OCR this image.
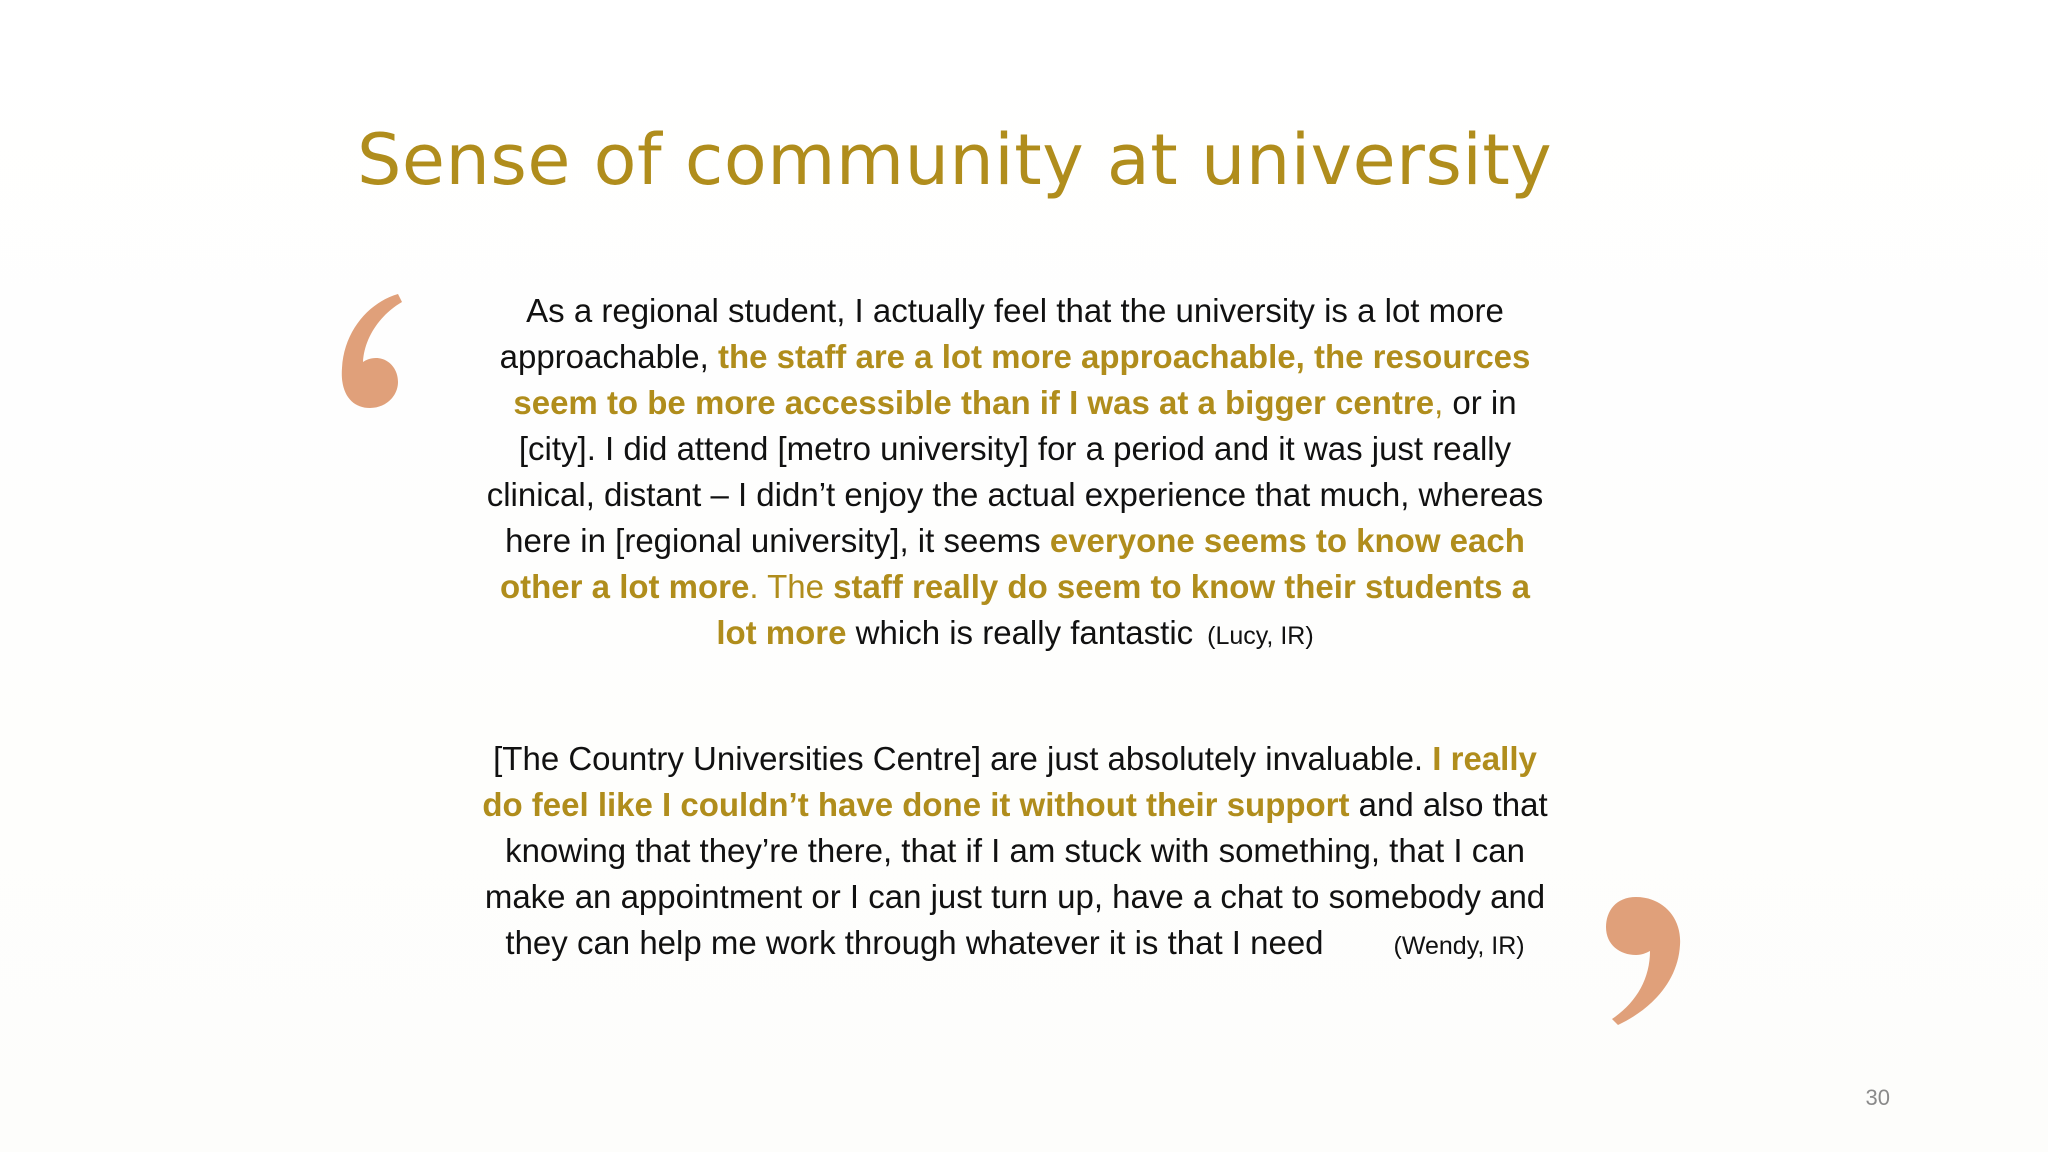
Sense of community at university
As a regional student, I actually feel that the university is a lot more approachable, the staff are a lot more approachable, the resources seem to be more accessible than if I was at a bigger centre, or in [city]. I did attend [metro university] for a period and it was just really clinical, distant – I didn’t enjoy the actual experience that much, whereas here in [regional university], it seems everyone seems to know each other a lot more. The staff really do seem to know their students a lot more which is really fantastic (Lucy, IR)
[The Country Universities Centre] are just absolutely invaluable. I really do feel like I couldn’t have done it without their support and also that knowing that they’re there, that if I am stuck with something, that I can make an appointment or I can just turn up, have a chat to somebody and they can help me work through whatever it is that I need	(Wendy, IR)
30
